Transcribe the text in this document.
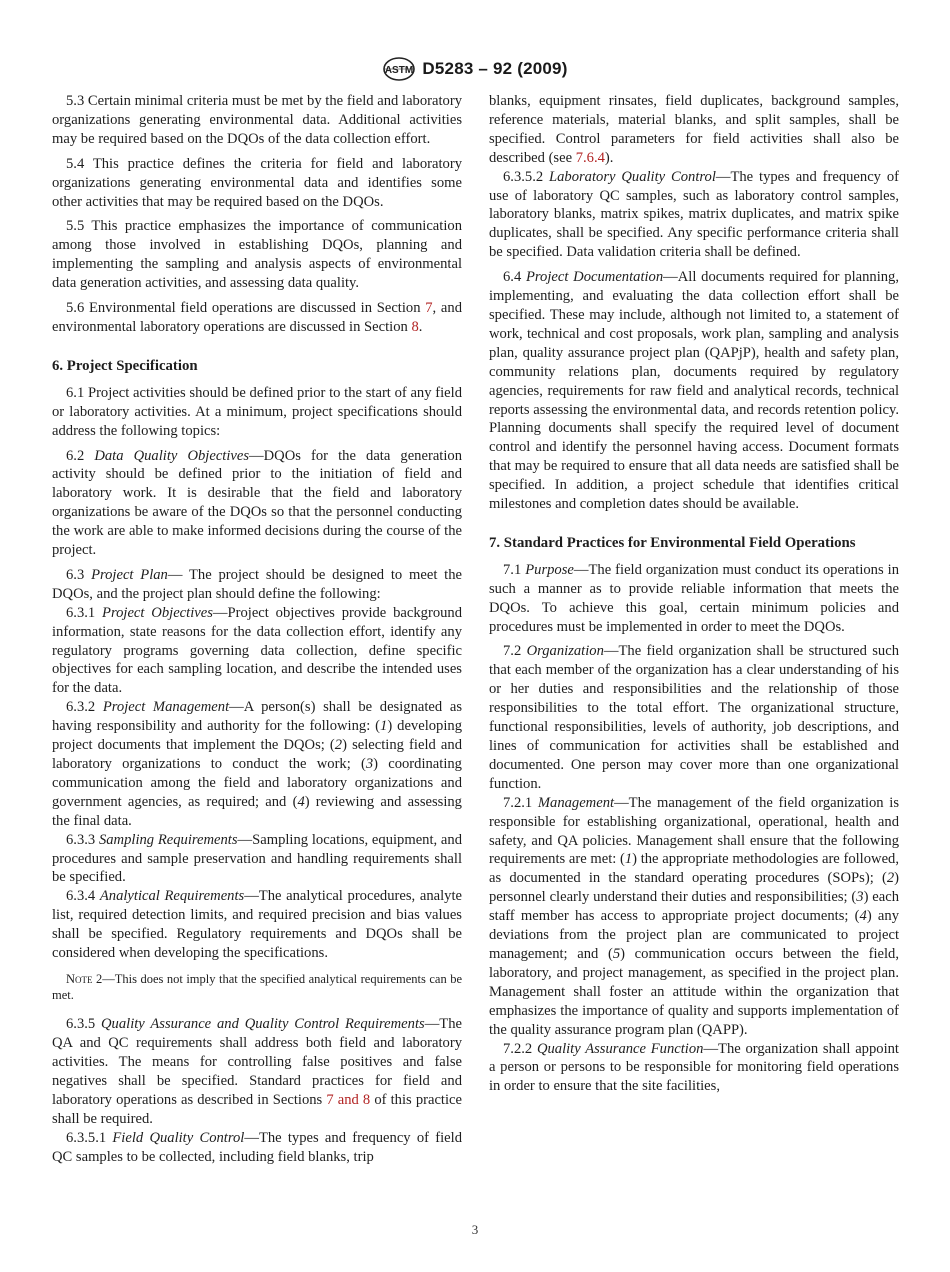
ASTM D5283 – 92 (2009)

5.3 Certain minimal criteria must be met by the field and laboratory organizations generating environmental data. Additional activities may be required based on the DQOs of the data collection effort.

5.4 This practice defines the criteria for field and laboratory organizations generating environmental data and identifies some other activities that may be required based on the DQOs.

5.5 This practice emphasizes the importance of communication among those involved in establishing DQOs, planning and implementing the sampling and analysis aspects of environmental data generation activities, and assessing data quality.

5.6 Environmental field operations are discussed in Section 7, and environmental laboratory operations are discussed in Section 8.

6. Project Specification

6.1 Project activities should be defined prior to the start of any field or laboratory activities. At a minimum, project specifications should address the following topics:

6.2 Data Quality Objectives—DQOs for the data generation activity should be defined prior to the initiation of field and laboratory work. It is desirable that the field and laboratory organizations be aware of the DQOs so that the personnel conducting the work are able to make informed decisions during the course of the project.

6.3 Project Plan— The project should be designed to meet the DQOs, and the project plan should define the following:

6.3.1 Project Objectives—Project objectives provide background information, state reasons for the data collection effort, identify any regulatory programs governing data collection, define specific objectives for each sampling location, and describe the intended uses for the data.

6.3.2 Project Management—A person(s) shall be designated as having responsibility and authority for the following: (1) developing project documents that implement the DQOs; (2) selecting field and laboratory organizations to conduct the work; (3) coordinating communication among the field and laboratory organizations and government agencies, as required; and (4) reviewing and assessing the final data.

6.3.3 Sampling Requirements—Sampling locations, equipment, and procedures and sample preservation and handling requirements shall be specified.

6.3.4 Analytical Requirements—The analytical procedures, analyte list, required detection limits, and required precision and bias values shall be specified. Regulatory requirements and DQOs shall be considered when developing the specifications.

Note 2—This does not imply that the specified analytical requirements can be met.

6.3.5 Quality Assurance and Quality Control Requirements—The QA and QC requirements shall address both field and laboratory activities. The means for controlling false positives and false negatives shall be specified. Standard practices for field and laboratory operations as described in Sections 7 and 8 of this practice shall be required.

6.3.5.1 Field Quality Control—The types and frequency of field QC samples to be collected, including field blanks, trip

blanks, equipment rinsates, field duplicates, background samples, reference materials, material blanks, and split samples, shall be specified. Control parameters for field activities shall also be described (see 7.6.4).

6.3.5.2 Laboratory Quality Control—The types and frequency of use of laboratory QC samples, such as laboratory control samples, laboratory blanks, matrix spikes, matrix duplicates, and matrix spike duplicates, shall be specified. Any specific performance criteria shall be specified. Data validation criteria shall be defined.

6.4 Project Documentation—All documents required for planning, implementing, and evaluating the data collection effort shall be specified. These may include, although not limited to, a statement of work, technical and cost proposals, work plan, sampling and analysis plan, quality assurance project plan (QAPjP), health and safety plan, community relations plan, documents required by regulatory agencies, requirements for raw field and analytical records, technical reports assessing the environmental data, and records retention policy. Planning documents shall specify the required level of document control and identify the personnel having access. Document formats that may be required to ensure that all data needs are satisfied shall be specified. In addition, a project schedule that identifies critical milestones and completion dates should be available.

7. Standard Practices for Environmental Field Operations

7.1 Purpose—The field organization must conduct its operations in such a manner as to provide reliable information that meets the DQOs. To achieve this goal, certain minimum policies and procedures must be implemented in order to meet the DQOs.

7.2 Organization—The field organization shall be structured such that each member of the organization has a clear understanding of his or her duties and responsibilities and the relationship of those responsibilities to the total effort. The organizational structure, functional responsibilities, levels of authority, job descriptions, and lines of communication for activities shall be established and documented. One person may cover more than one organizational function.

7.2.1 Management—The management of the field organization is responsible for establishing organizational, operational, health and safety, and QA policies. Management shall ensure that the following requirements are met: (1) the appropriate methodologies are followed, as documented in the standard operating procedures (SOPs); (2) personnel clearly understand their duties and responsibilities; (3) each staff member has access to appropriate project documents; (4) any deviations from the project plan are communicated to project management; and (5) communication occurs between the field, laboratory, and project management, as specified in the project plan. Management shall foster an attitude within the organization that emphasizes the importance of quality and supports implementation of the quality assurance program plan (QAPP).

7.2.2 Quality Assurance Function—The organization shall appoint a person or persons to be responsible for monitoring field operations in order to ensure that the site facilities,

3
